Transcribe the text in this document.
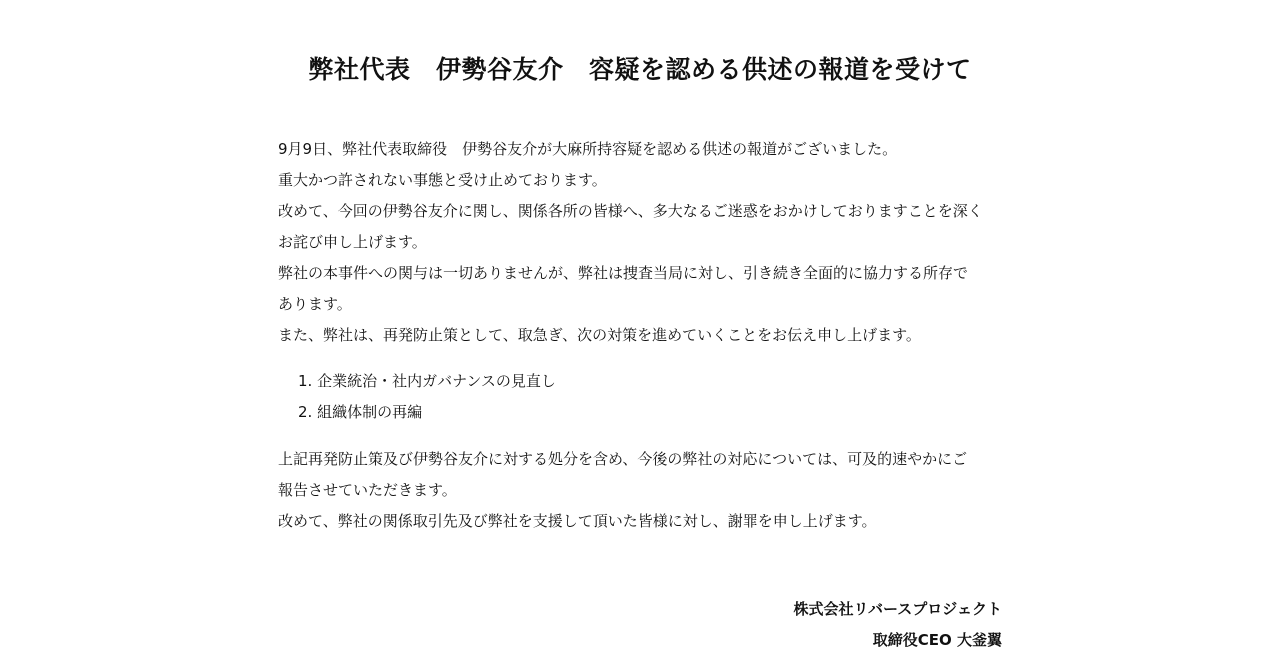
弊社代表　伊勢谷友介　容疑を認める供述の報道を受けて

9月9日、弊社代表取締役　伊勢谷友介が大麻所持容疑を認める供述の報道がございました。

重大かつ許されない事態と受け止めております。

改めて、今回の伊勢谷友介に関し、関係各所の皆様へ、多大なるご迷惑をおかけしておりますことを深く

お詫び申し上げます。

弊社の本事件への関与は一切ありませんが、弊社は捜査当局に対し、引き続き全面的に協力する所存で

あります。

また、弊社は、再発防止策として、取急ぎ、次の対策を進めていくことをお伝え申し上げます。

1. 企業統治・社内ガバナンスの見直し
2. 組織体制の再編

上記再発防止策及び伊勢谷友介に対する処分を含め、今後の弊社の対応については、可及的速やかにご

報告させていただきます。

改めて、弊社の関係取引先及び弊社を支援して頂いた皆様に対し、謝罪を申し上げます。

株式会社リバースプロジェクト
取締役CEO 大釜翼
